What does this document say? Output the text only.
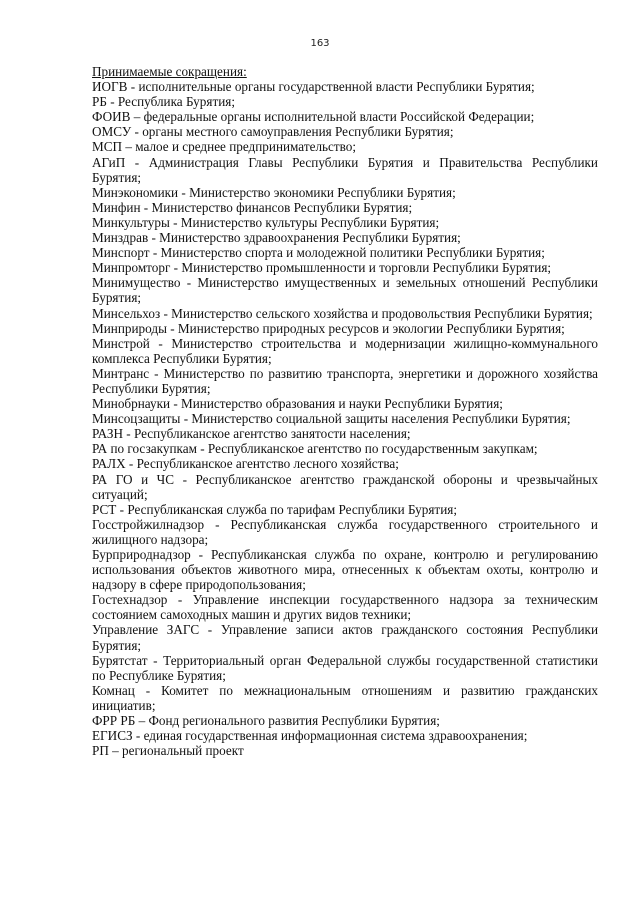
163
Принимаемые сокращения:

ИОГВ - исполнительные органы государственной власти Республики Бурятия;

РБ - Республика Бурятия;

ФОИВ – федеральные органы исполнительной власти Российской Федерации;

ОМСУ - органы местного самоуправления Республики Бурятия;

МСП – малое и среднее предпринимательство;

АГиП - Администрация Главы Республики Бурятия и Правительства Республики Бурятия;

Минэкономики - Министерство экономики Республики Бурятия;

Минфин - Министерство финансов Республики Бурятия;

Минкультуры - Министерство культуры Республики Бурятия;

Минздрав - Министерство здравоохранения Республики Бурятия;

Минспорт - Министерство спорта и молодежной политики Республики Бурятия;

Минпромторг - Министерство промышленности и торговли Республики Бурятия;

Минимущество - Министерство имущественных и земельных отношений Республики Бурятия;

Минсельхоз - Министерство сельского хозяйства и продовольствия Республики Бурятия;

Минприроды - Министерство природных ресурсов и экологии Республики Бурятия;

Минстрой - Министерство строительства и модернизации жилищно-коммунального комплекса Республики Бурятия;

Минтранс - Министерство по развитию транспорта, энергетики и дорожного хозяйства Республики Бурятия;

Минобрнауки - Министерство образования и науки Республики Бурятия;

Минсоцзащиты - Министерство социальной защиты населения Республики Бурятия;

РАЗН - Республиканское агентство занятости населения;

РА по госзакупкам - Республиканское агентство по государственным закупкам;

РАЛХ - Республиканское агентство лесного хозяйства;

РА ГО и ЧС - Республиканское агентство гражданской обороны и чрезвычайных ситуаций;

РСТ - Республиканская служба по тарифам Республики Бурятия;

Госстройжилнадзор - Республиканская служба государственного строительного и жилищного надзора;

Бурприроднадзор - Республиканская служба по охране, контролю и регулированию использования объектов животного мира, отнесенных к объектам охоты, контролю и надзору в сфере природопользования;

Гостехнадзор - Управление инспекции государственного надзора за техническим состоянием самоходных машин и других видов техники;

Управление ЗАГС - Управление записи актов гражданского состояния Республики Бурятия;

Бурятстат - Территориальный орган Федеральной службы государственной статистики по Республике Бурятия;

Комнац - Комитет по межнациональным отношениям и развитию гражданских инициатив;

ФРР РБ – Фонд регионального развития Республики Бурятия;

ЕГИСЗ - единая государственная информационная система здравоохранения;

РП – региональный проект
